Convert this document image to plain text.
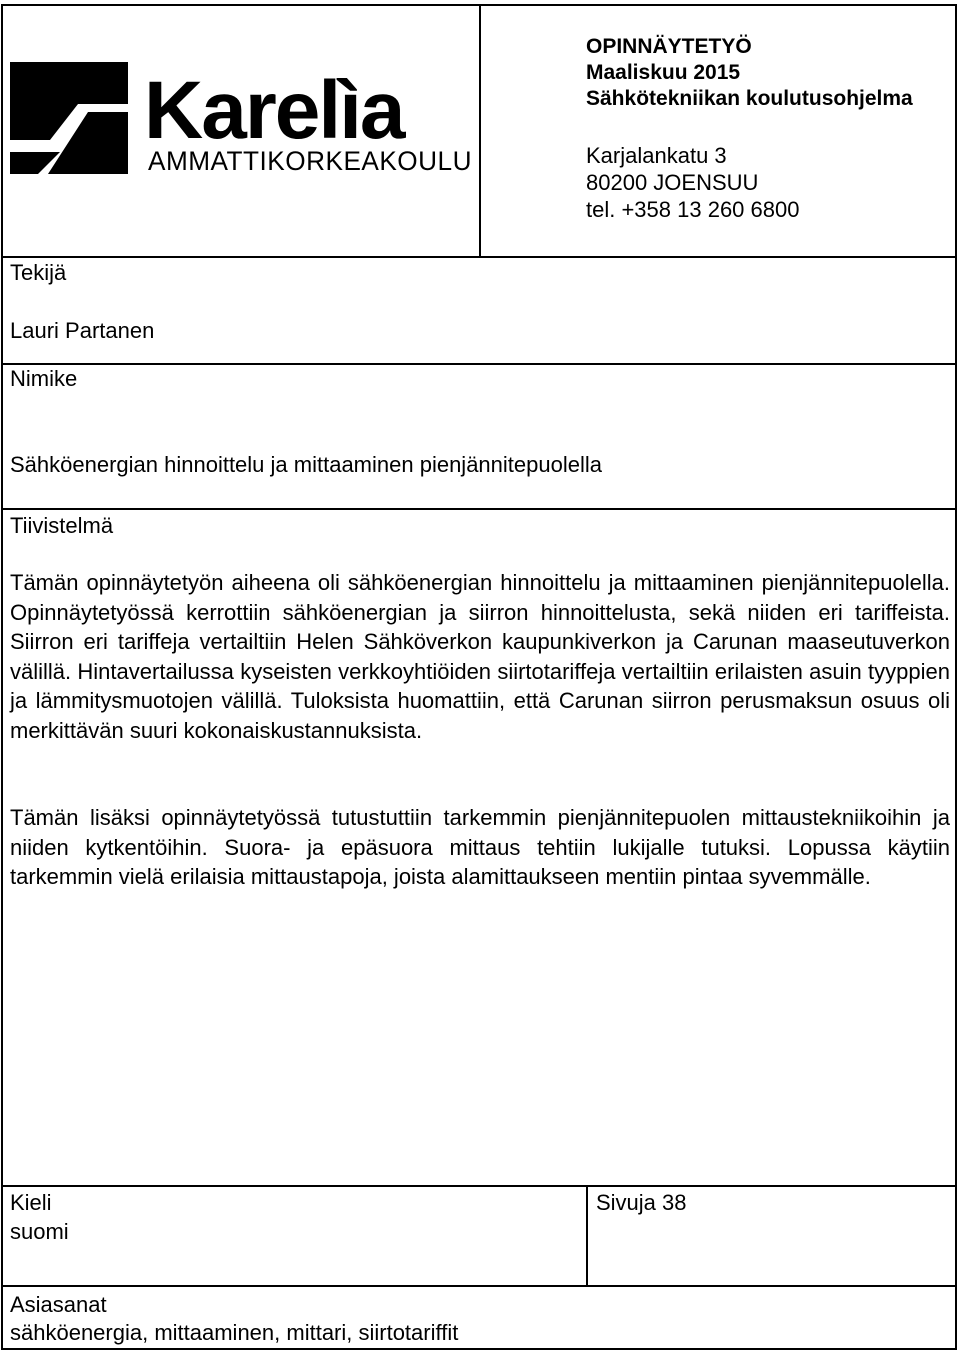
Karelìa
AMMATTIKORKEAKOULU
OPINNÄYTETYÖ
Maaliskuu 2015
Sähkötekniikan koulutusohjelma
Karjalankatu 3
80200 JOENSUU
tel. +358 13 260 6800
Tekijä
Lauri Partanen
Nimike
Sähköenergian hinnoittelu ja mittaaminen pienjännitepuolella
Tiivistelmä
Tämän opinnäytetyön aiheena oli sähköenergian hinnoittelu ja mittaaminen pienjännitepuolella. Opinnäytetyössä kerrottiin sähköenergian ja siirron hinnoittelusta, sekä niiden eri tariffeista. Siirron eri tariffeja vertailtiin Helen Sähköverkon kaupunkiverkon ja Carunan maaseutuverkon välillä. Hintavertailussa kyseisten verkkoyhtiöiden siirtotariffeja vertailtiin erilaisten asuin tyyppien ja lämmitysmuotojen välillä. Tuloksista huomattiin, että Carunan siirron perusmaksun osuus oli merkittävän suuri kokonaiskustannuksista.
Tämän lisäksi opinnäytetyössä tutustuttiin tarkemmin pienjännitepuolen mittaustekniikoihin ja niiden kytkentöihin. Suora- ja epäsuora mittaus tehtiin lukijalle tutuksi. Lopussa käytiin tarkemmin vielä erilaisia mittaustapoja, joista alamittaukseen mentiin pintaa syvemmälle.
Kieli
suomi
Sivuja 38
Asiasanat
sähköenergia, mittaaminen, mittari, siirtotariffit
